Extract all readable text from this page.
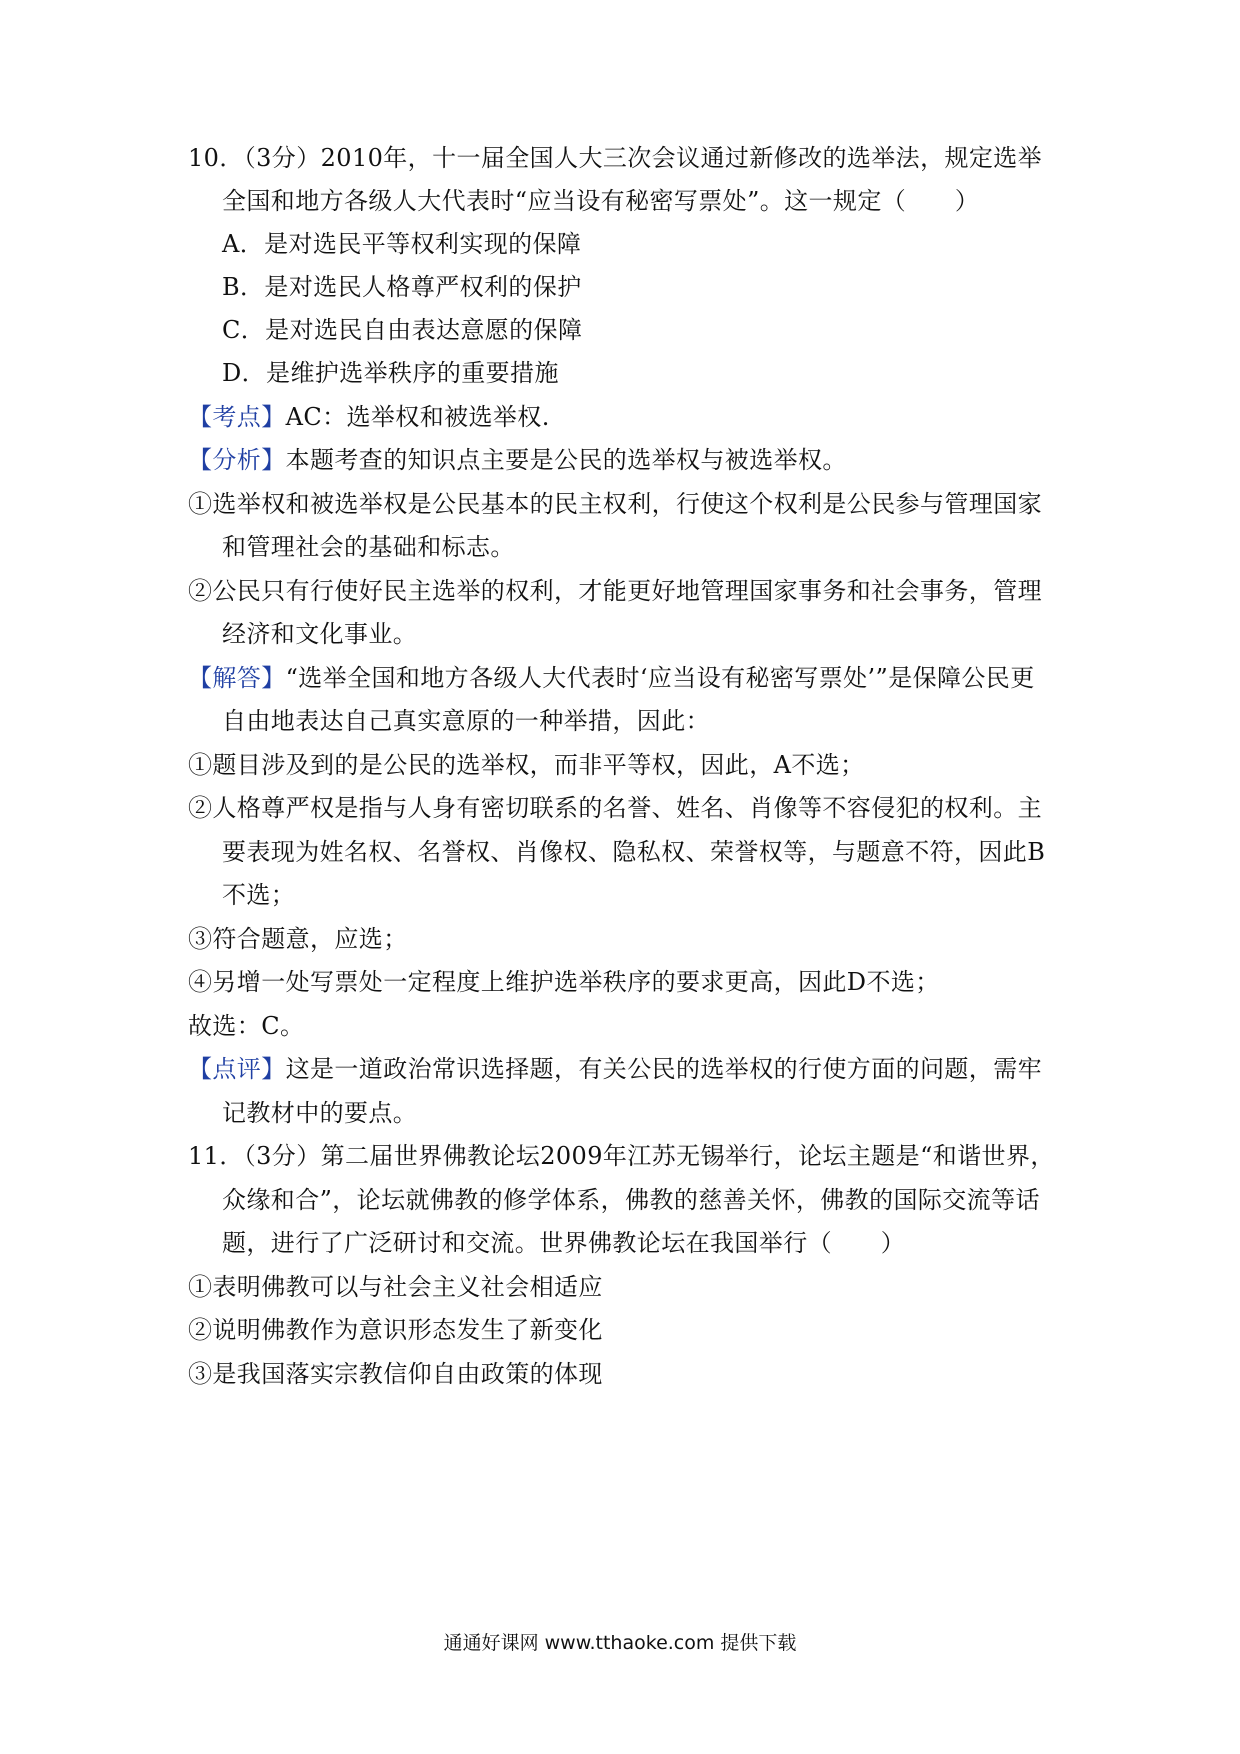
10．（3分）2010年，十一届全国人大三次会议通过新修改的选举法，规定选举
全国和地方各级人大代表时“应当设有秘密写票处”。这一规定（　　）
A．是对选民平等权利实现的保障
B．是对选民人格尊严权利的保护
C．是对选民自由表达意愿的保障
D．是维护选举秩序的重要措施
【考点】AC：选举权和被选举权.
【分析】本题考查的知识点主要是公民的选举权与被选举权。
①选举权和被选举权是公民基本的民主权利，行使这个权利是公民参与管理国家
和管理社会的基础和标志。
②公民只有行使好民主选举的权利，才能更好地管理国家事务和社会事务，管理
经济和文化事业。
【解答】“选举全国和地方各级人大代表时‘应当设有秘密写票处’”是保障公民更
自由地表达自己真实意原的一种举措，因此：
①题目涉及到的是公民的选举权，而非平等权，因此，A不选；
②人格尊严权是指与人身有密切联系的名誉、姓名、肖像等不容侵犯的权利。主
要表现为姓名权、名誉权、肖像权、隐私权、荣誉权等，与题意不符，因此B
不选；
③符合题意，应选；
④另增一处写票处一定程度上维护选举秩序的要求更高，因此D不选；
故选：C。
【点评】这是一道政治常识选择题，有关公民的选举权的行使方面的问题，需牢
记教材中的要点。
11．（3分）第二届世界佛教论坛2009年江苏无锡举行，论坛主题是“和谐世界，
众缘和合”，论坛就佛教的修学体系，佛教的慈善关怀，佛教的国际交流等话
题，进行了广泛研讨和交流。世界佛教论坛在我国举行（　　）
①表明佛教可以与社会主义社会相适应
②说明佛教作为意识形态发生了新变化
③是我国落实宗教信仰自由政策的体现
通通好课网 www.tthaoke.com 提供下载
